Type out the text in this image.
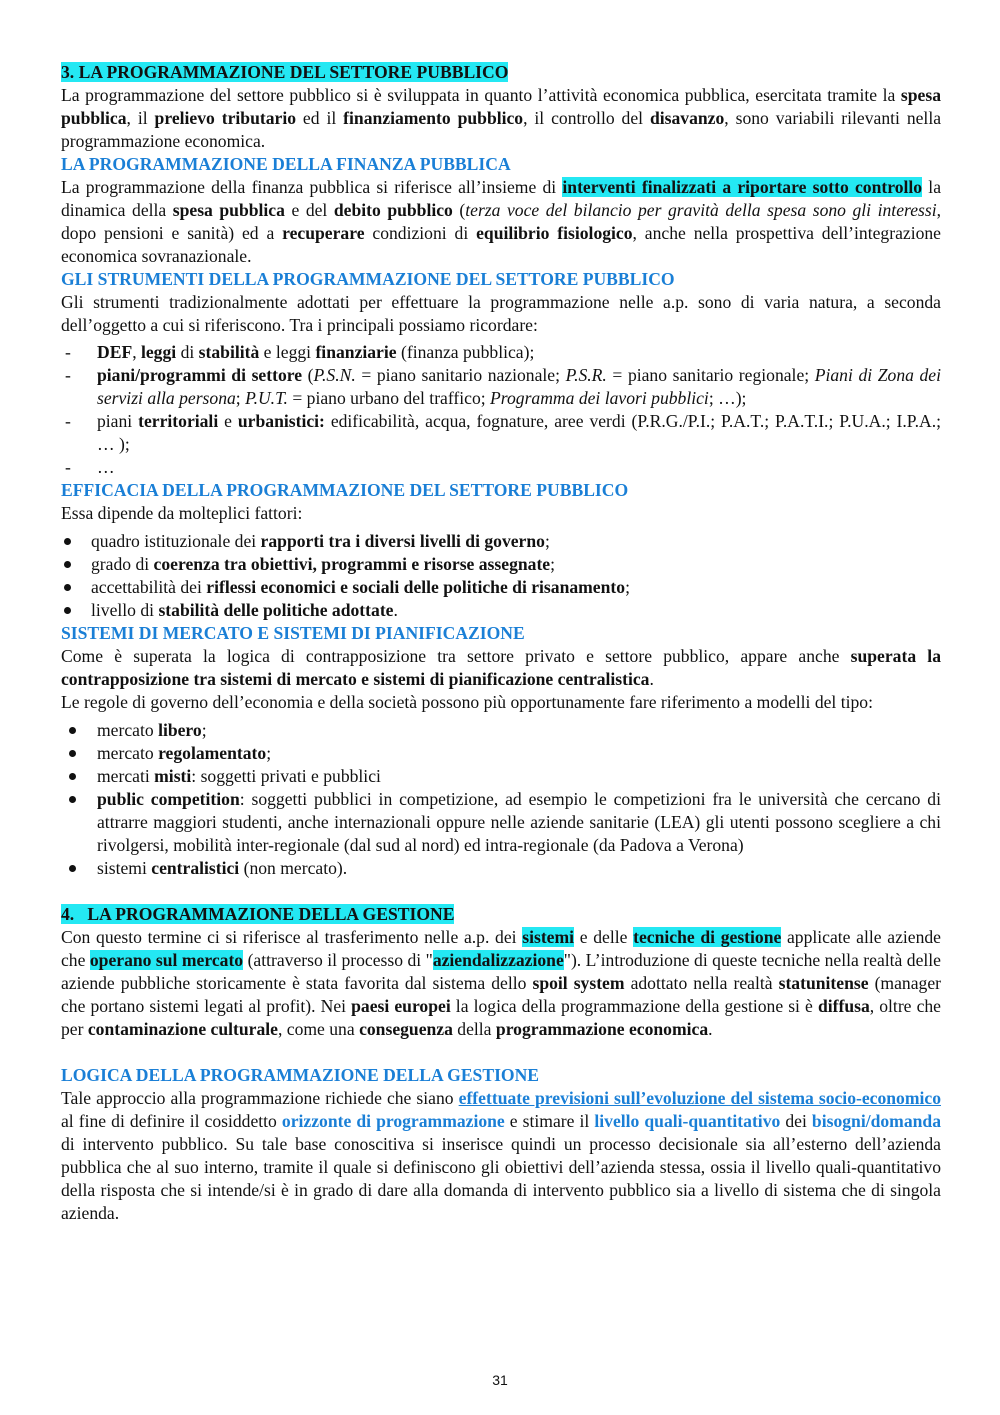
3. LA PROGRAMMAZIONE DEL SETTORE PUBBLICO

La programmazione del settore pubblico si è sviluppata in quanto l’attività economica pubblica, esercitata tramite la spesa pubblica, il prelievo tributario ed il finanziamento pubblico, il controllo del disavanzo, sono variabili rilevanti nella programmazione economica.

LA PROGRAMMAZIONE DELLA FINANZA PUBBLICA

La programmazione della finanza pubblica si riferisce all’insieme di interventi finalizzati a riportare sotto controllo la dinamica della spesa pubblica e del debito pubblico (terza voce del bilancio per gravità della spesa sono gli interessi, dopo pensioni e sanità) ed a recuperare condizioni di equilibrio fisiologico, anche nella prospettiva dell’integrazione economica sovranazionale.

GLI STRUMENTI DELLA PROGRAMMAZIONE DEL SETTORE PUBBLICO

Gli strumenti tradizionalmente adottati per effettuare la programmazione nelle a.p. sono di varia natura, a seconda dell’oggetto a cui si riferiscono. Tra i principali possiamo ricordare:

- DEF, leggi di stabilità e leggi finanziarie (finanza pubblica);
- piani/programmi di settore (P.S.N. = piano sanitario nazionale; P.S.R. = piano sanitario regionale; Piani di Zona dei servizi alla persona; P.U.T. = piano urbano del traffico; Programma dei lavori pubblici; …);
- piani territoriali e urbanistici: edificabilità, acqua, fognature, aree verdi (P.R.G./P.I.; P.A.T.; P.A.T.I.; P.U.A.; I.P.A.; … );
- …
EFFICACIA DELLA PROGRAMMAZIONE DEL SETTORE PUBBLICO

Essa dipende da molteplici fattori:

quadro istituzionale dei rapporti tra i diversi livelli di governo;
grado di coerenza tra obiettivi, programmi e risorse assegnate;
accettabilità dei riflessi economici e sociali delle politiche di risanamento;
livello di stabilità delle politiche adottate.
SISTEMI DI MERCATO E SISTEMI DI PIANIFICAZIONE

Come è superata la logica di contrapposizione tra settore privato e settore pubblico, appare anche superata la contrapposizione tra sistemi di mercato e sistemi di pianificazione centralistica.

Le regole di governo dell’economia e della società possono più opportunamente fare riferimento a modelli del tipo:

mercato libero;
mercato regolamentato;
mercati misti: soggetti privati e pubblici
public competition: soggetti pubblici in competizione, ad esempio le competizioni fra le università che cercano di attrarre maggiori studenti, anche internazionali oppure nelle aziende sanitarie (LEA) gli utenti possono scegliere a chi rivolgersi, mobilità inter-regionale (dal sud al nord) ed intra-regionale (da Padova a Verona)
sistemi centralistici (non mercato).
4.   LA PROGRAMMAZIONE DELLA GESTIONE

Con questo termine ci si riferisce al trasferimento nelle a.p. dei sistemi e delle tecniche di gestione applicate alle aziende che operano sul mercato (attraverso il processo di "aziendalizzazione"). L’introduzione di queste tecniche nella realtà delle aziende pubbliche storicamente è stata favorita dal sistema dello spoil system adottato nella realtà statunitense (manager che portano sistemi legati al profit). Nei paesi europei la logica della programmazione della gestione si è diffusa, oltre che per contaminazione culturale, come una conseguenza della programmazione economica.

LOGICA DELLA PROGRAMMAZIONE DELLA GESTIONE

Tale approccio alla programmazione richiede che siano effettuate previsioni sull’evoluzione del sistema socio-economico al fine di definire il cosiddetto orizzonte di programmazione e stimare il livello quali-quantitativo dei bisogni/domanda di intervento pubblico. Su tale base conoscitiva si inserisce quindi un processo decisionale sia all’esterno dell’azienda pubblica che al suo interno, tramite il quale si definiscono gli obiettivi dell’azienda stessa, ossia il livello quali-quantitativo della risposta che si intende/si è in grado di dare alla domanda di intervento pubblico sia a livello di sistema che di singola azienda.

31
